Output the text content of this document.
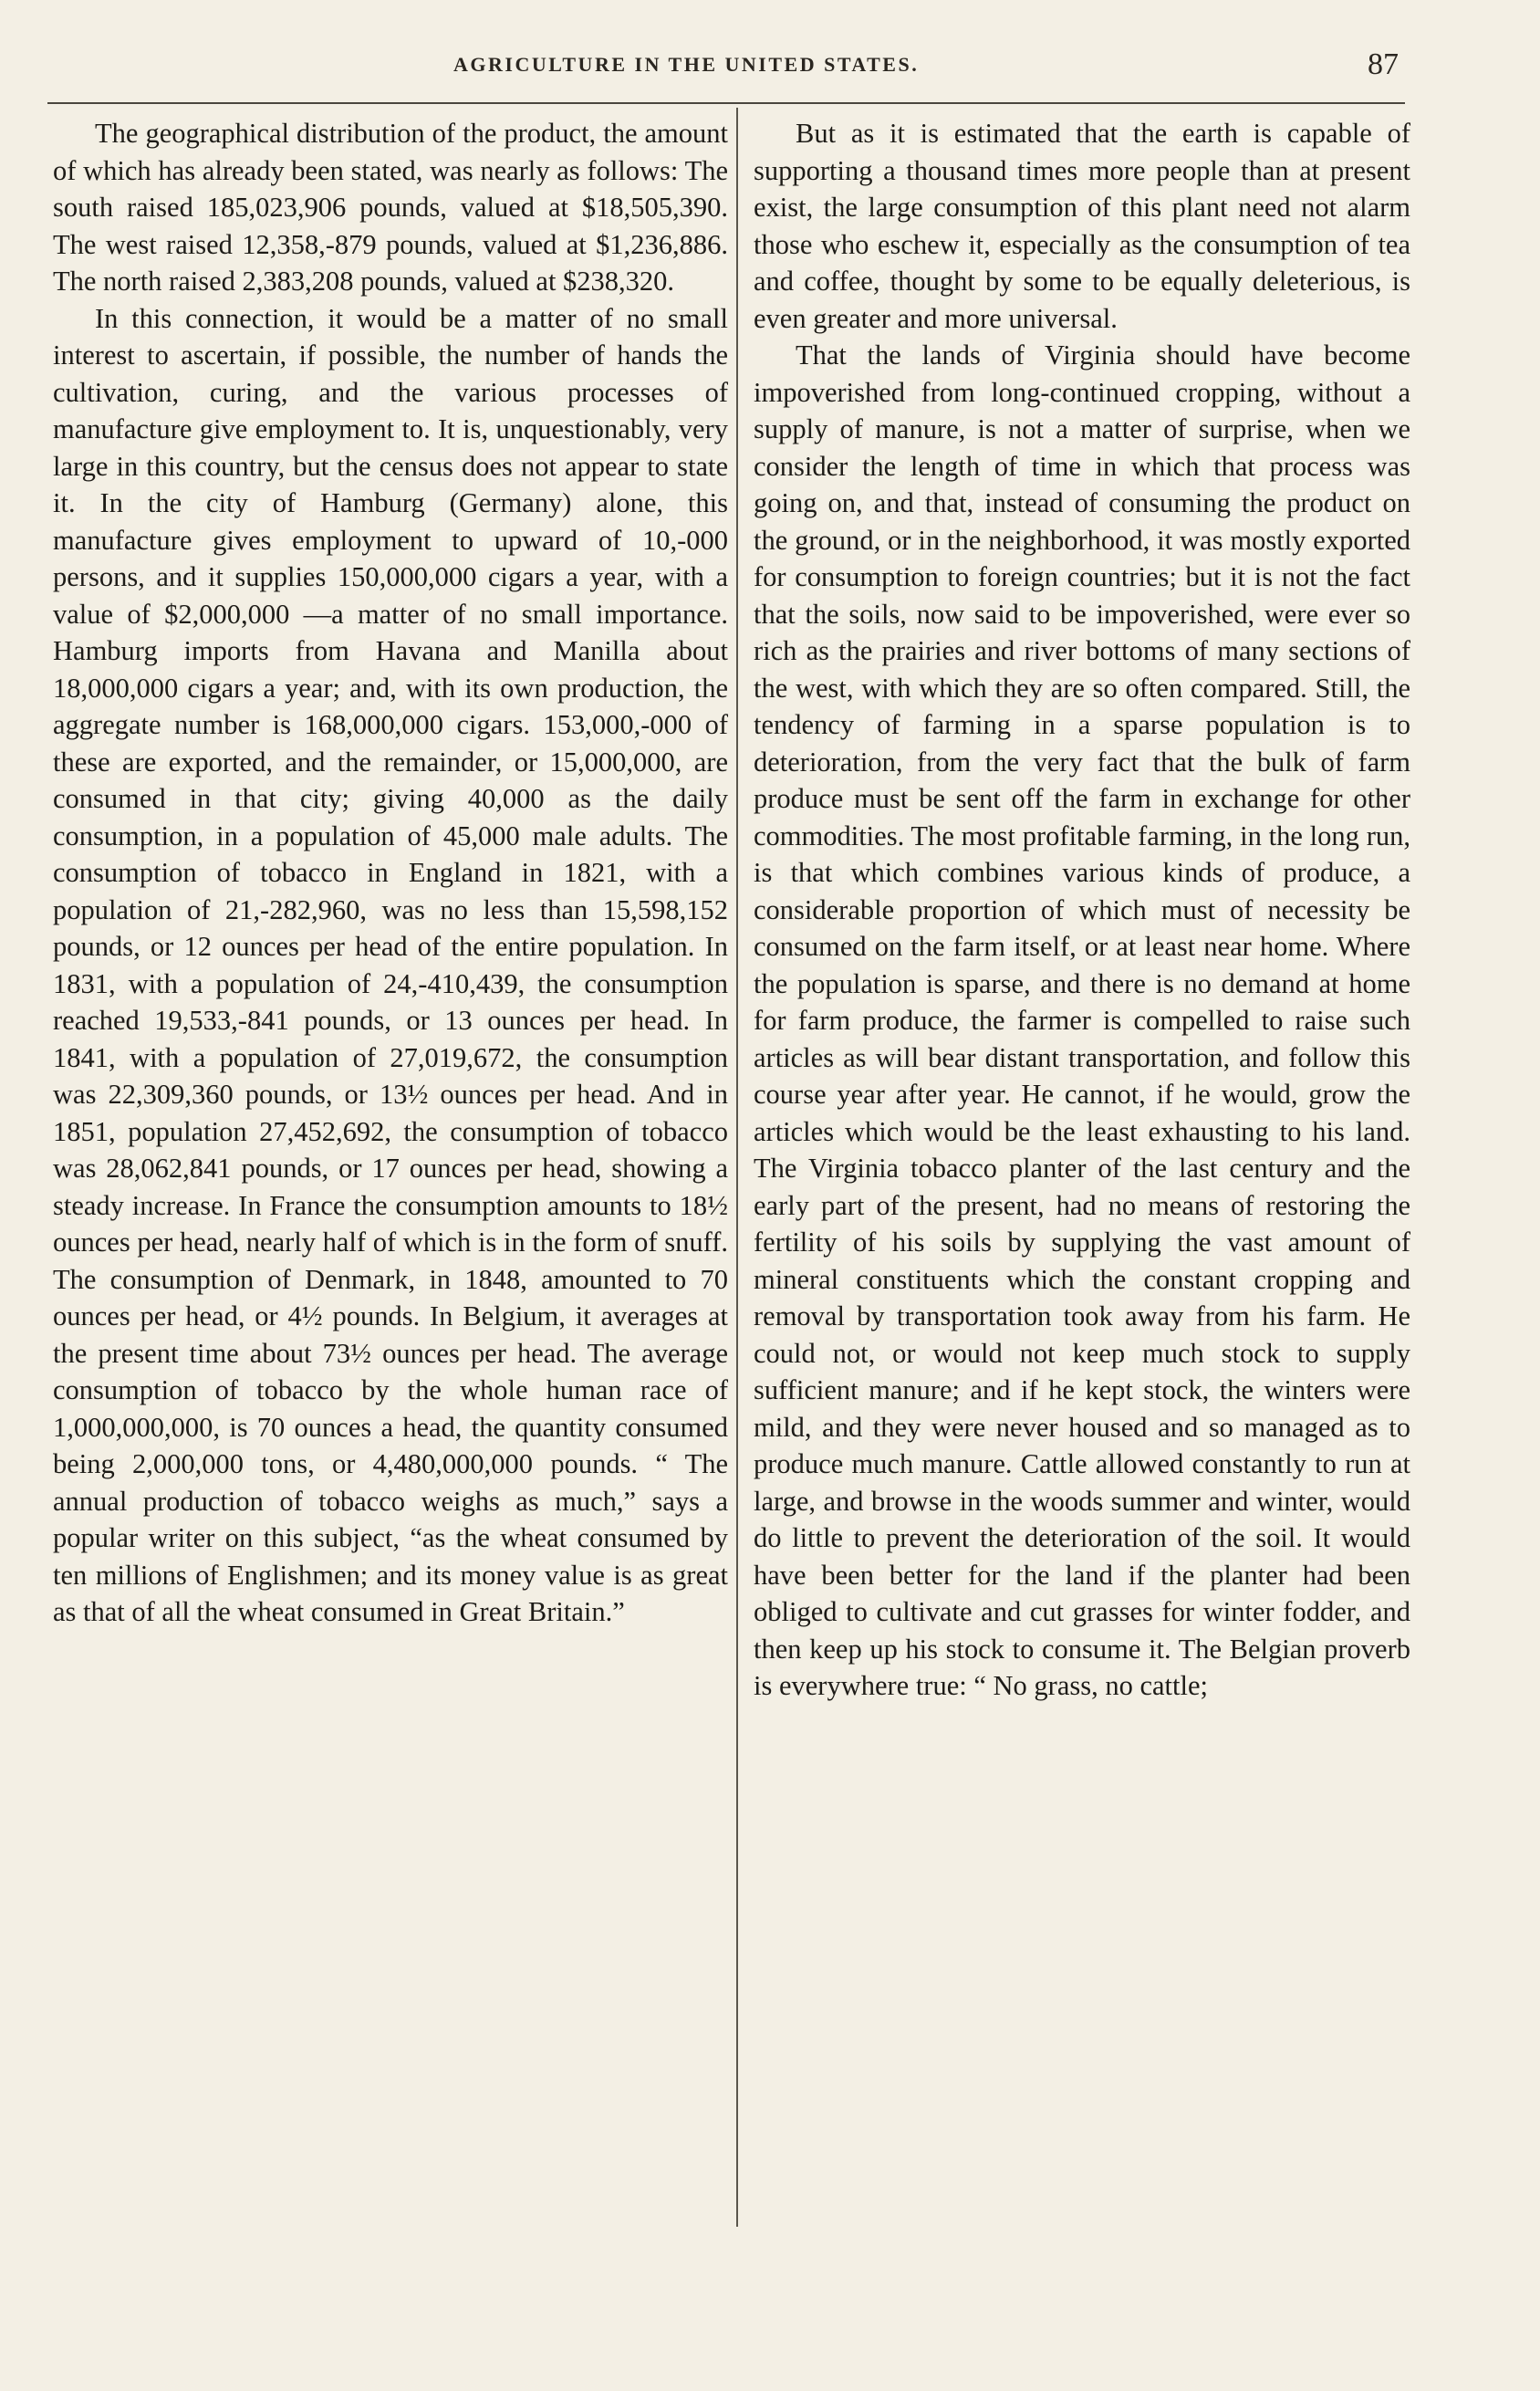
AGRICULTURE IN THE UNITED STATES.	87

The geographical distribution of the product, the amount of which has already been stated, was nearly as follows: The south raised 185,023,906 pounds, valued at $18,505,390. The west raised 12,358,-879 pounds, valued at $1,236,886. The north raised 2,383,208 pounds, valued at $238,320.

In this connection, it would be a matter of no small interest to ascertain, if possible, the number of hands the cultivation, curing, and the various processes of manufacture give employment to. It is, unquestionably, very large in this country, but the census does not appear to state it. In the city of Hamburg (Germany) alone, this manufacture gives employment to upward of 10,-000 persons, and it supplies 150,000,000 cigars a year, with a value of $2,000,000 —a matter of no small importance. Hamburg imports from Havana and Manilla about 18,000,000 cigars a year; and, with its own production, the aggregate number is 168,000,000 cigars. 153,000,-000 of these are exported, and the remainder, or 15,000,000, are consumed in that city; giving 40,000 as the daily consumption, in a population of 45,000 male adults. The consumption of tobacco in England in 1821, with a population of 21,-282,960, was no less than 15,598,152 pounds, or 12 ounces per head of the entire population. In 1831, with a population of 24,-410,439, the consumption reached 19,533,-841 pounds, or 13 ounces per head. In 1841, with a population of 27,019,672, the consumption was 22,309,360 pounds, or 13½ ounces per head. And in 1851, population 27,452,692, the consumption of tobacco was 28,062,841 pounds, or 17 ounces per head, showing a steady increase. In France the consumption amounts to 18½ ounces per head, nearly half of which is in the form of snuff. The consumption of Denmark, in 1848, amounted to 70 ounces per head, or 4½ pounds. In Belgium, it averages at the present time about 73½ ounces per head. The average consumption of tobacco by the whole human race of 1,000,000,000, is 70 ounces a head, the quantity consumed being 2,000,000 tons, or 4,480,000,000 pounds. “ The annual production of tobacco weighs as much,” says a popular writer on this subject, “as the wheat consumed by ten millions of Englishmen; and its money value is as great as that of all the wheat consumed in Great Britain.”

But as it is estimated that the earth is capable of supporting a thousand times more people than at present exist, the large consumption of this plant need not alarm those who eschew it, especially as the consumption of tea and coffee, thought by some to be equally deleterious, is even greater and more universal.

That the lands of Virginia should have become impoverished from long-continued cropping, without a supply of manure, is not a matter of surprise, when we consider the length of time in which that process was going on, and that, instead of consuming the product on the ground, or in the neighborhood, it was mostly exported for consumption to foreign countries; but it is not the fact that the soils, now said to be impoverished, were ever so rich as the prairies and river bottoms of many sections of the west, with which they are so often compared. Still, the tendency of farming in a sparse population is to deterioration, from the very fact that the bulk of farm produce must be sent off the farm in exchange for other commodities. The most profitable farming, in the long run, is that which combines various kinds of produce, a considerable proportion of which must of necessity be consumed on the farm itself, or at least near home. Where the population is sparse, and there is no demand at home for farm produce, the farmer is compelled to raise such articles as will bear distant transportation, and follow this course year after year. He cannot, if he would, grow the articles which would be the least exhausting to his land. The Virginia tobacco planter of the last century and the early part of the present, had no means of restoring the fertility of his soils by supplying the vast amount of mineral constituents which the constant cropping and removal by transportation took away from his farm. He could not, or would not keep much stock to supply sufficient manure; and if he kept stock, the winters were mild, and they were never housed and so managed as to produce much manure. Cattle allowed constantly to run at large, and browse in the woods summer and winter, would do little to prevent the deterioration of the soil. It would have been better for the land if the planter had been obliged to cultivate and cut grasses for winter fodder, and then keep up his stock to consume it. The Belgian proverb is everywhere true: “ No grass, no cattle;
